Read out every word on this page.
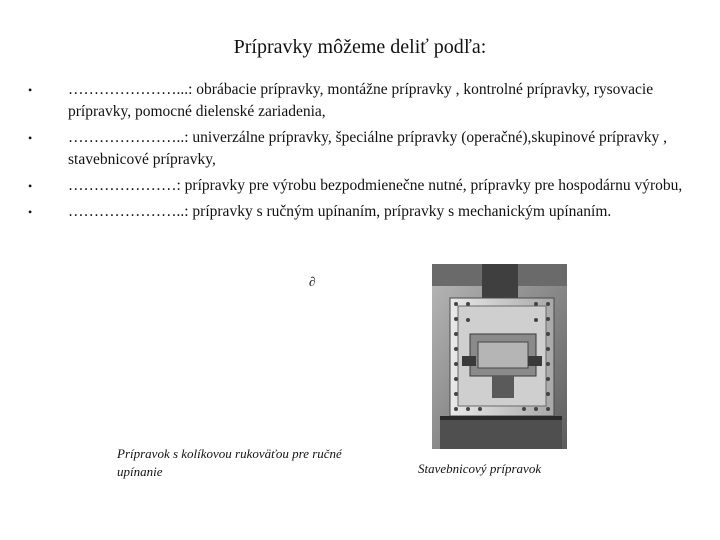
Prípravky môžeme deliť podľa:
• …………………...: obrábacie prípravky, montážne prípravky , kontrolné prípravky, rysovacie prípravky, pomocné dielenské zariadenia,
• …………………..: univerzálne prípravky, špeciálne prípravky (operačné),skupinové prípravky , stavebnicové prípravky,
• …………………: prípravky pre výrobu bezpodmienečne nutné, prípravky pre hospodárnu výrobu,
• …………………..: prípravky s ručným upínaním, prípravky s mechanickým upínaním.
∂
Prípravok s kolíkovou rukoväťou pre ručné upínanie	Stavebnicový prípravok
